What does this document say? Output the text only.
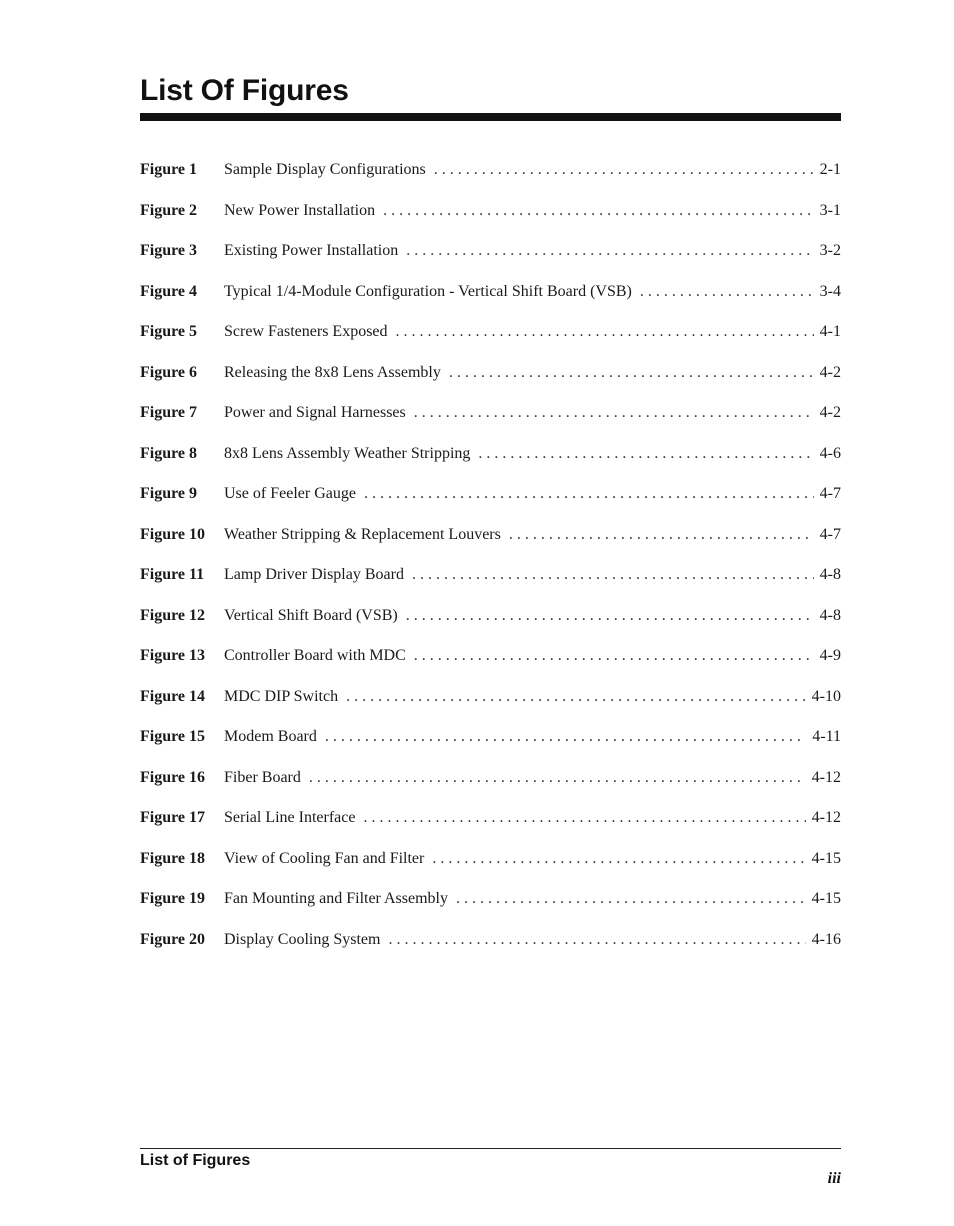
List Of Figures
Figure 1	Sample Display Configurations . . .	2-1
Figure 2	New Power Installation . . .	3-1
Figure 3	Existing Power Installation . . .	3-2
Figure 4	Typical 1/4-Module Configuration - Vertical Shift Board (VSB) . . .	3-4
Figure 5	Screw Fasteners Exposed . . .	4-1
Figure 6	Releasing the 8x8 Lens Assembly . . .	4-2
Figure 7	Power and Signal Harnesses . . .	4-2
Figure 8	8x8 Lens Assembly Weather Stripping . . .	4-6
Figure 9	Use of Feeler Gauge . . .	4-7
Figure 10	Weather Stripping & Replacement Louvers . . .	4-7
Figure 11	Lamp Driver Display Board . . .	4-8
Figure 12	Vertical Shift Board (VSB) . . .	4-8
Figure 13	Controller Board with MDC . . .	4-9
Figure 14	MDC DIP Switch . . .	4-10
Figure 15	Modem Board . . .	4-11
Figure 16	Fiber Board . . .	4-12
Figure 17	Serial Line Interface . . .	4-12
Figure 18	View of Cooling Fan and Filter . . .	4-15
Figure 19	Fan Mounting and Filter Assembly . . .	4-15
Figure 20	Display Cooling System . . .	4-16
List of Figures
iii
